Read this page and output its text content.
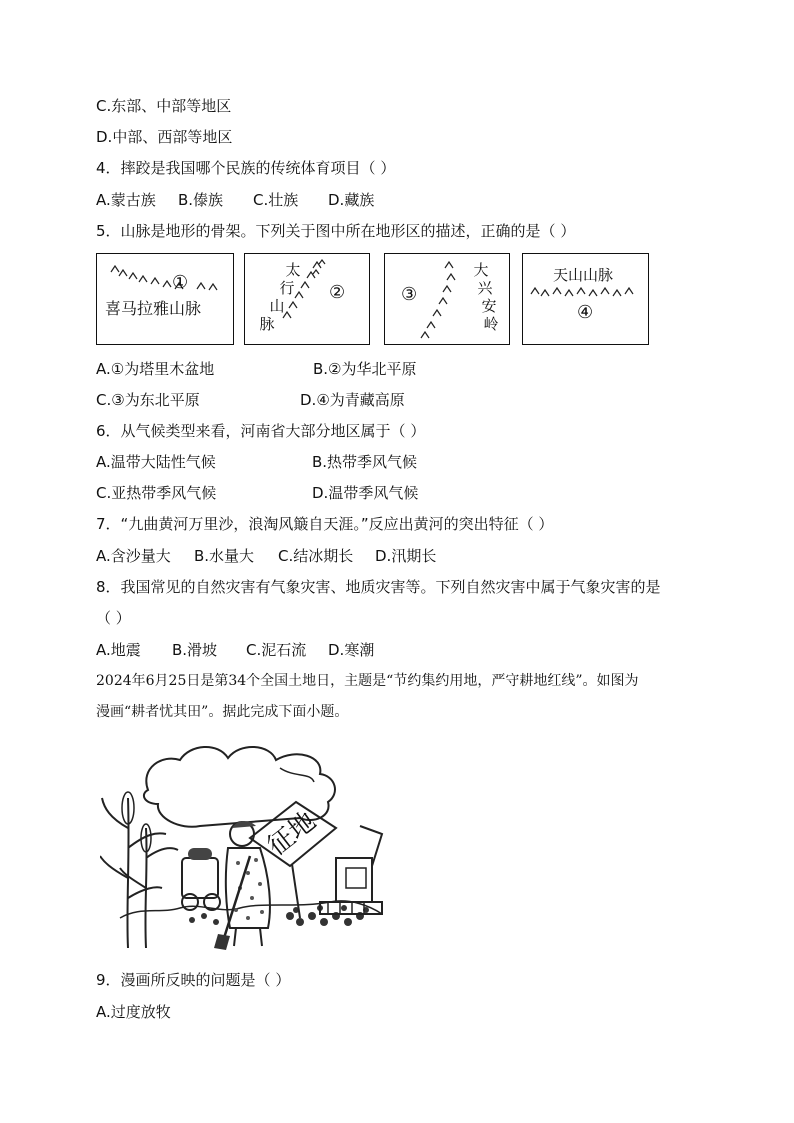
C.东部、中部等地区
D.中部、西部等地区
4．摔跤是我国哪个民族的传统体育项目（ ）
A.蒙古族 B.傣族 C.壮族 D.藏族
5．山脉是地形的骨架。下列关于图中所在地形区的描述，正确的是（ ）
①
喜马拉雅山脉
太
行
山
脉
②	③
大
兴
安
岭
天山山脉
④
A.①为塔里木盆地	B.②为华北平原
C.③为东北平原	D.④为青藏高原
6．从气候类型来看，河南省大部分地区属于（ ）
A.温带大陆性气候	B.热带季风气候
C.亚热带季风气候	D.温带季风气候
7．“九曲黄河万里沙，浪淘风簸自天涯。”反应出黄河的突出特征（ ）
A.含沙量大 B.水量大 C.结冰期长 D.汛期长
8．我国常见的自然灾害有气象灾害、地质灾害等。下列自然灾害中属于气象灾害的是
（ ）
A.地震 B.滑坡 C.泥石流 D.寒潮
2024年6月25日是第34个全国土地日，主题是“节约集约用地，严守耕地红线”。如图为
漫画“耕者忧其田”。据此完成下面小题。
征地
9．漫画所反映的问题是（ ）
A.过度放牧
